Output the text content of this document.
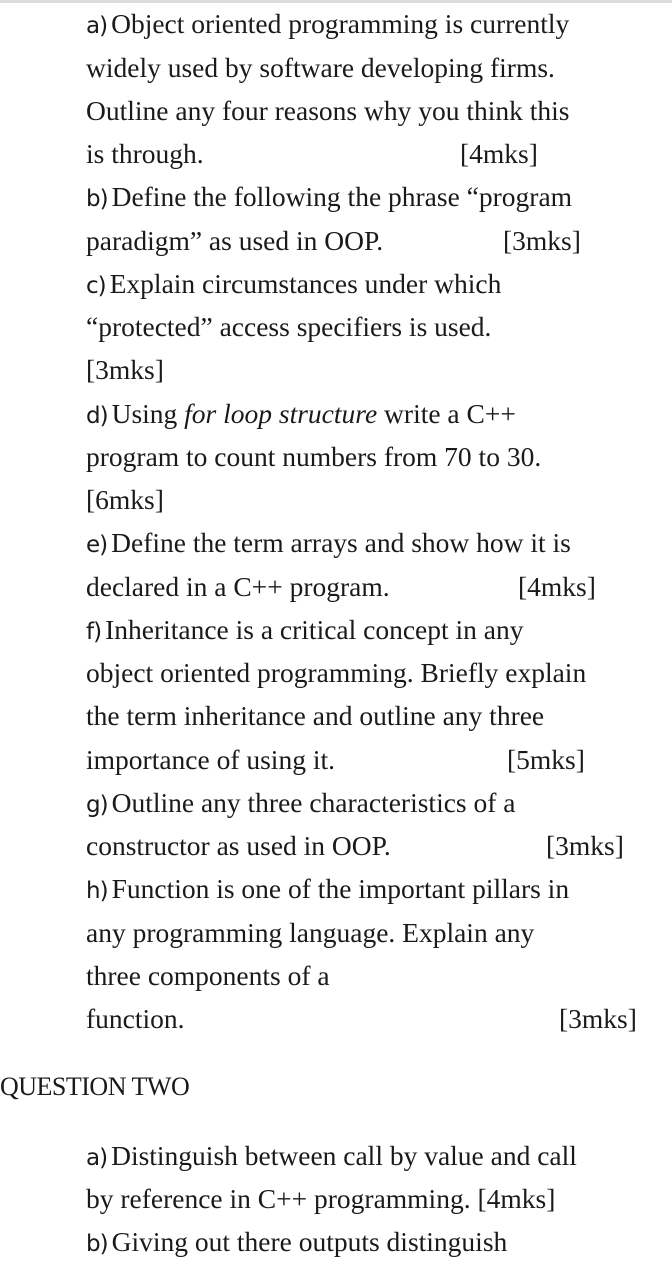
a) Object oriented programming is currently
widely used by software developing firms.
Outline any four reasons why you think this
is through.	[4mks]
b) Define the following the phrase “program
paradigm” as used in OOP.	[3mks]
c) Explain circumstances under which
“protected” access specifiers is used.
[3mks]
d) Using for loop structure write a C++
program to count numbers from 70 to 30.
[6mks]
e) Define the term arrays and show how it is
declared in a C++ program.	[4mks]
f) Inheritance is a critical concept in any
object oriented programming. Briefly explain
the term inheritance and outline any three
importance of using it.	[5mks]
g) Outline any three characteristics of a
constructor as used in OOP.	[3mks]
h) Function is one of the important pillars in
any programming language. Explain any
three components of a
function.	[3mks]
a) Distinguish between call by value and call
by reference in C++ programming. [4mks]
b) Giving out there outputs distinguish
QUESTION TWO
